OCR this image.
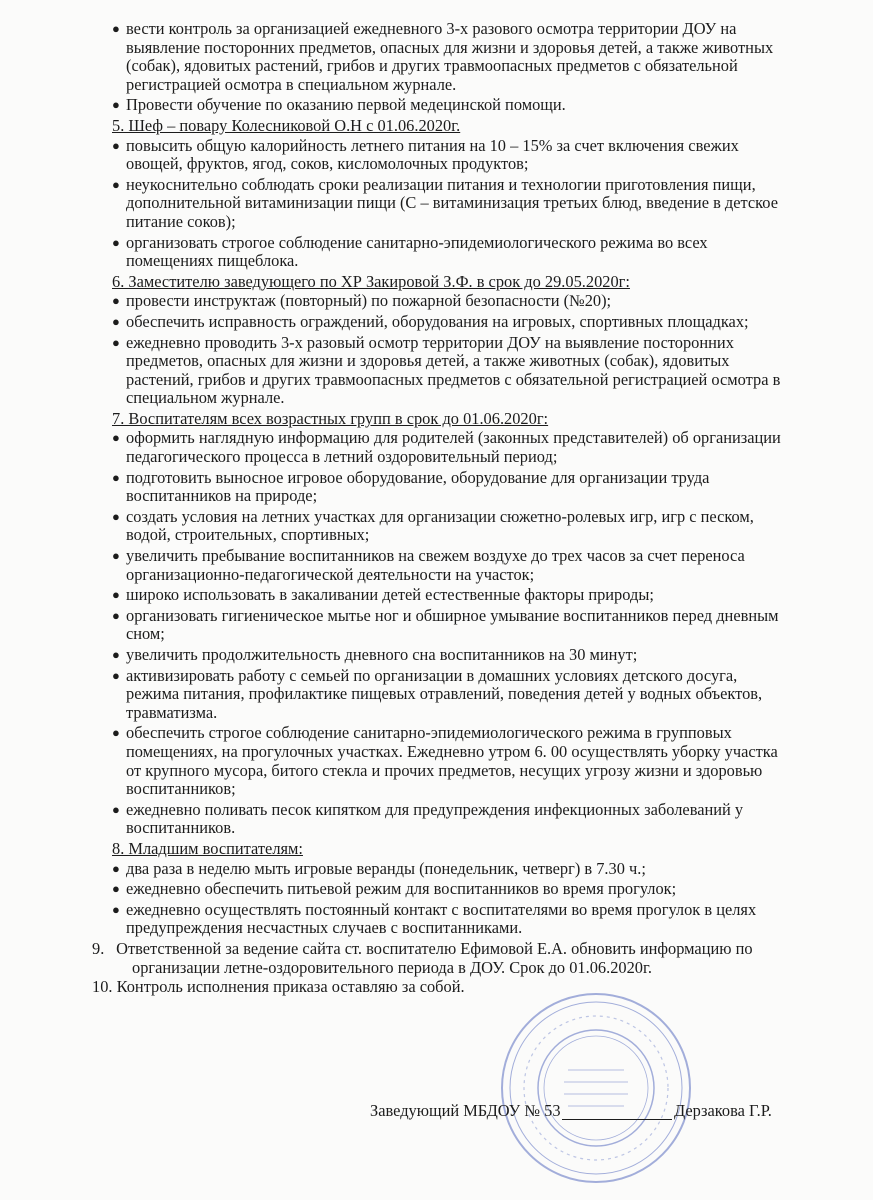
● вести контроль за организацией ежедневного 3-х разового осмотра территории ДОУ на выявление посторонних предметов, опасных для жизни и здоровья детей, а также животных (собак), ядовитых растений, грибов и других травмоопасных предметов с обязательной регистрацией осмотра в специальном журнале.
● Провести обучение по оказанию первой медецинской помощи.
5. Шеф – повару Колесниковой О.Н с 01.06.2020г.
● повысить общую калорийность летнего питания на 10 – 15% за счет включения свежих овощей, фруктов, ягод, соков, кисломолочных продуктов;
● неукоснительно соблюдать сроки реализации питания и технологии приготовления пищи, дополнительной витаминизации пищи (С – витаминизация третьих блюд, введение в детское питание соков);
● организовать строгое соблюдение санитарно-эпидемиологического режима во всех помещениях пищеблока.
6. Заместителю заведующего по ХР Закировой З.Ф. в срок до 29.05.2020г:
● провести инструктаж (повторный) по пожарной безопасности (№20);
● обеспечить исправность ограждений, оборудования на игровых, спортивных площадках;
● ежедневно проводить 3-х разовый осмотр территории ДОУ на выявление посторонних предметов, опасных для жизни и здоровья детей, а также животных (собак), ядовитых растений, грибов и других травмоопасных предметов с обязательной регистрацией осмотра в специальном журнале.
7. Воспитателям всех возрастных групп в срок до 01.06.2020г:
● оформить наглядную информацию для родителей (законных представителей) об организации педагогического процесса в летний оздоровительный период;
● подготовить выносное игровое оборудование, оборудование для организации труда воспитанников на природе;
● создать условия на летних участках для организации сюжетно-ролевых игр, игр с песком, водой, строительных, спортивных;
● увеличить пребывание воспитанников на свежем воздухе до трех часов за счет переноса организационно-педагогической деятельности на участок;
● широко использовать в закаливании детей естественные факторы природы;
● организовать гигиеническое мытье ног и обширное умывание воспитанников перед дневным сном;
● увеличить продолжительность дневного сна воспитанников на 30 минут;
● активизировать работу с семьей по организации в домашних условиях детского досуга, режима питания, профилактике пищевых отравлений, поведения детей у водных объектов, травматизма.
● обеспечить строгое соблюдение санитарно-эпидемиологического режима в групповых помещениях, на прогулочных участках. Ежедневно утром 6. 00 осуществлять уборку участка от крупного мусора, битого стекла и прочих предметов, несущих угрозу жизни и здоровью воспитанников;
● ежедневно поливать песок кипятком для предупреждения инфекционных заболеваний у воспитанников.
8. Младшим воспитателям:
● два раза в неделю мыть игровые веранды (понедельник, четверг) в 7.30 ч.;
● ежедневно обеспечить питьевой режим для воспитанников во время прогулок;
● ежедневно осуществлять постоянный контакт с воспитателями во время прогулок в целях предупреждения несчастных случаев с воспитанниками.
9. Ответственной за ведение сайта ст. воспитателю Ефимовой Е.А. обновить информацию по организации летне-оздоровительного периода в ДОУ. Срок до 01.06.2020г.
10. Контроль исполнения приказа оставляю за собой.
Заведующий МБДОУ № 53	Дерзакова Г.Р.
